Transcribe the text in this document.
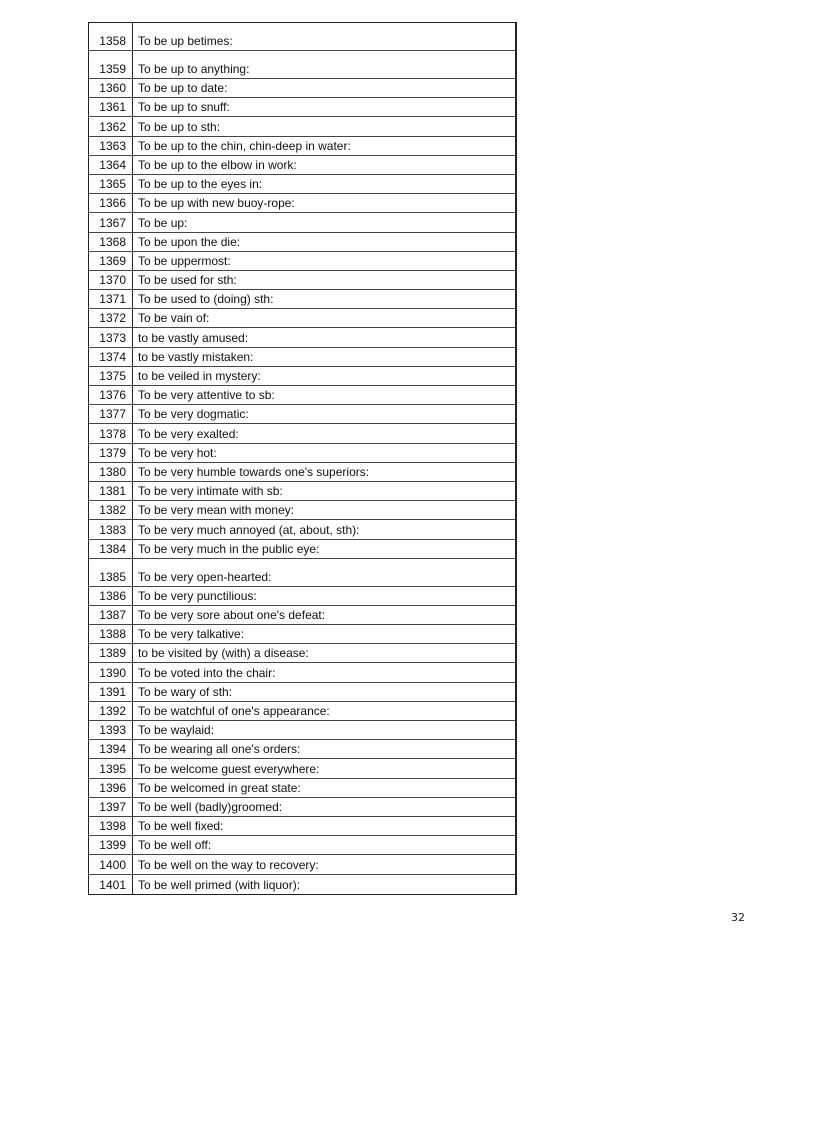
1358	To be up betimes:
1359	To be up to anything:
1360	To be up to date:
1361	To be up to snuff:
1362	To be up to sth:
1363	To be up to the chin, chin-deep in water:
1364	To be up to the elbow in work:
1365	To be up to the eyes in:
1366	To be up with new buoy-rope:
1367	To be up:
1368	To be upon the die:
1369	To be uppermost:
1370	To be used for sth:
1371	To be used to (doing) sth:
1372	To be vain of:
1373	to be vastly amused:
1374	to be vastly mistaken:
1375	to be veiled in mystery:
1376	To be very attentive to sb:
1377	To be very dogmatic:
1378	To be very exalted:
1379	To be very hot:
1380	To be very humble towards one's superiors:
1381	To be very intimate with sb:
1382	To be very mean with money:
1383	To be very much annoyed (at, about, sth):
1384	To be very much in the public eye:
1385	To be very open-hearted:
1386	To be very punctilious:
1387	To be very sore about one's defeat:
1388	To be very talkative:
1389	to be visited by (with) a disease:
1390	To be voted into the chair:
1391	To be wary of sth:
1392	To be watchful of one's appearance:
1393	To be waylaid:
1394	To be wearing all one's orders:
1395	To be welcome guest everywhere:
1396	To be welcomed in great state:
1397	To be well (badly)groomed:
1398	To be well fixed:
1399	To be well off:
1400	To be well on the way to recovery:
1401	To be well primed (with liquor):
32
